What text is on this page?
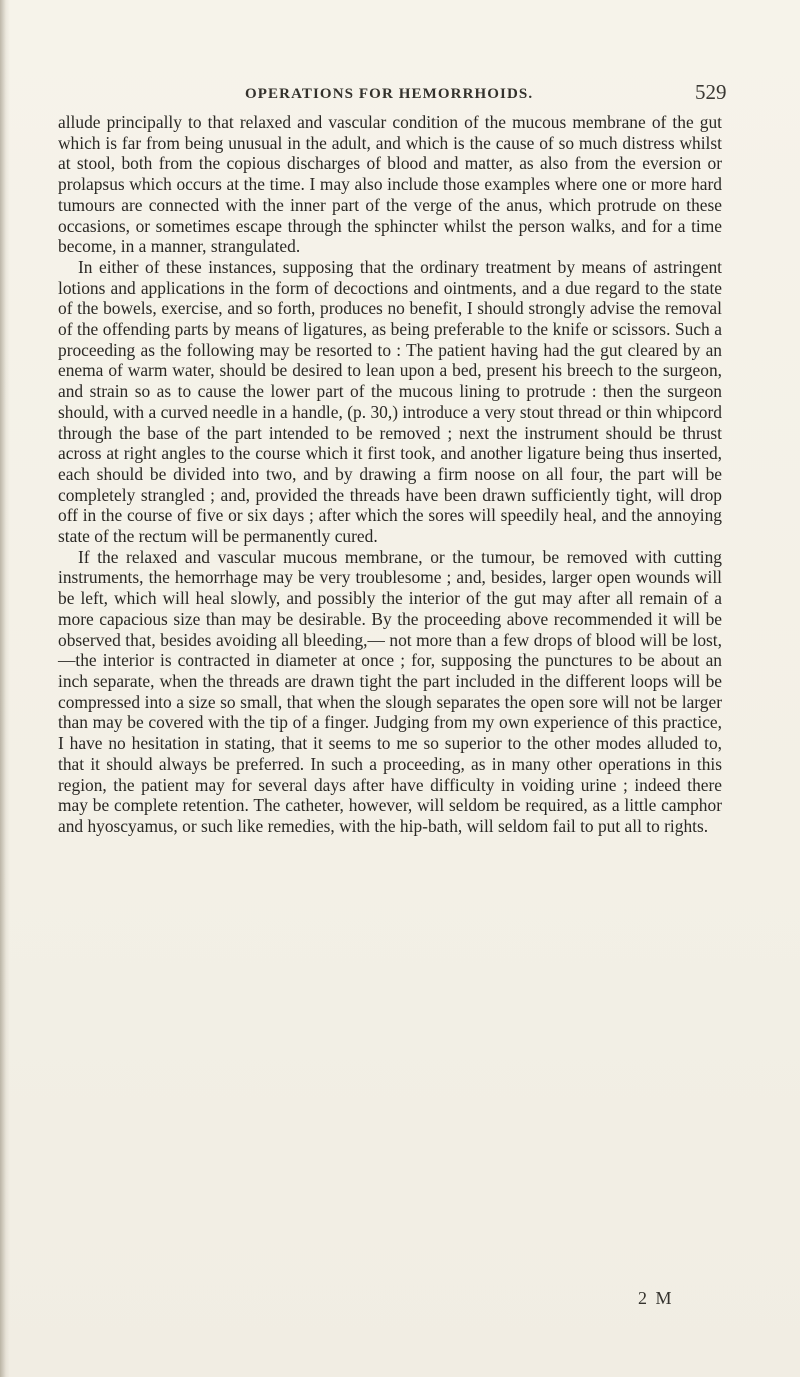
OPERATIONS FOR HEMORRHOIDS.	529

allude principally to that relaxed and vascular condition of the mucous membrane of the gut which is far from being unusual in the adult, and which is the cause of so much distress whilst at stool, both from the copious discharges of blood and matter, as also from the eversion or prolapsus which occurs at the time. I may also include those examples where one or more hard tumours are connected with the inner part of the verge of the anus, which protrude on these occasions, or sometimes escape through the sphincter whilst the person walks, and for a time become, in a manner, strangulated.

In either of these instances, supposing that the ordinary treatment by means of astringent lotions and applications in the form of decoctions and ointments, and a due regard to the state of the bowels, exercise, and so forth, produces no benefit, I should strongly advise the removal of the offending parts by means of ligatures, as being preferable to the knife or scissors. Such a proceeding as the following may be resorted to : The patient having had the gut cleared by an enema of warm water, should be desired to lean upon a bed, present his breech to the surgeon, and strain so as to cause the lower part of the mucous lining to protrude : then the surgeon should, with a curved needle in a handle, (p. 30,) introduce a very stout thread or thin whipcord through the base of the part intended to be removed ; next the instrument should be thrust across at right angles to the course which it first took, and another ligature being thus inserted, each should be divided into two, and by drawing a firm noose on all four, the part will be completely strangled ; and, provided the threads have been drawn sufficiently tight, will drop off in the course of five or six days ; after which the sores will speedily heal, and the annoying state of the rectum will be permanently cured.

If the relaxed and vascular mucous membrane, or the tumour, be removed with cutting instruments, the hemorrhage may be very troublesome ; and, besides, larger open wounds will be left, which will heal slowly, and possibly the interior of the gut may after all remain of a more capacious size than may be desirable. By the proceeding above recommended it will be observed that, besides avoiding all bleeding,— not more than a few drops of blood will be lost,—the interior is contracted in diameter at once ; for, supposing the punctures to be about an inch separate, when the threads are drawn tight the part included in the different loops will be compressed into a size so small, that when the slough separates the open sore will not be larger than may be covered with the tip of a finger. Judging from my own experience of this practice, I have no hesitation in stating, that it seems to me so superior to the other modes alluded to, that it should always be preferred. In such a proceeding, as in many other operations in this region, the patient may for several days after have difficulty in voiding urine ; indeed there may be complete retention. The catheter, however, will seldom be required, as a little camphor and hyoscyamus, or such like remedies, with the hip-bath, will seldom fail to put all to rights.

2 M
